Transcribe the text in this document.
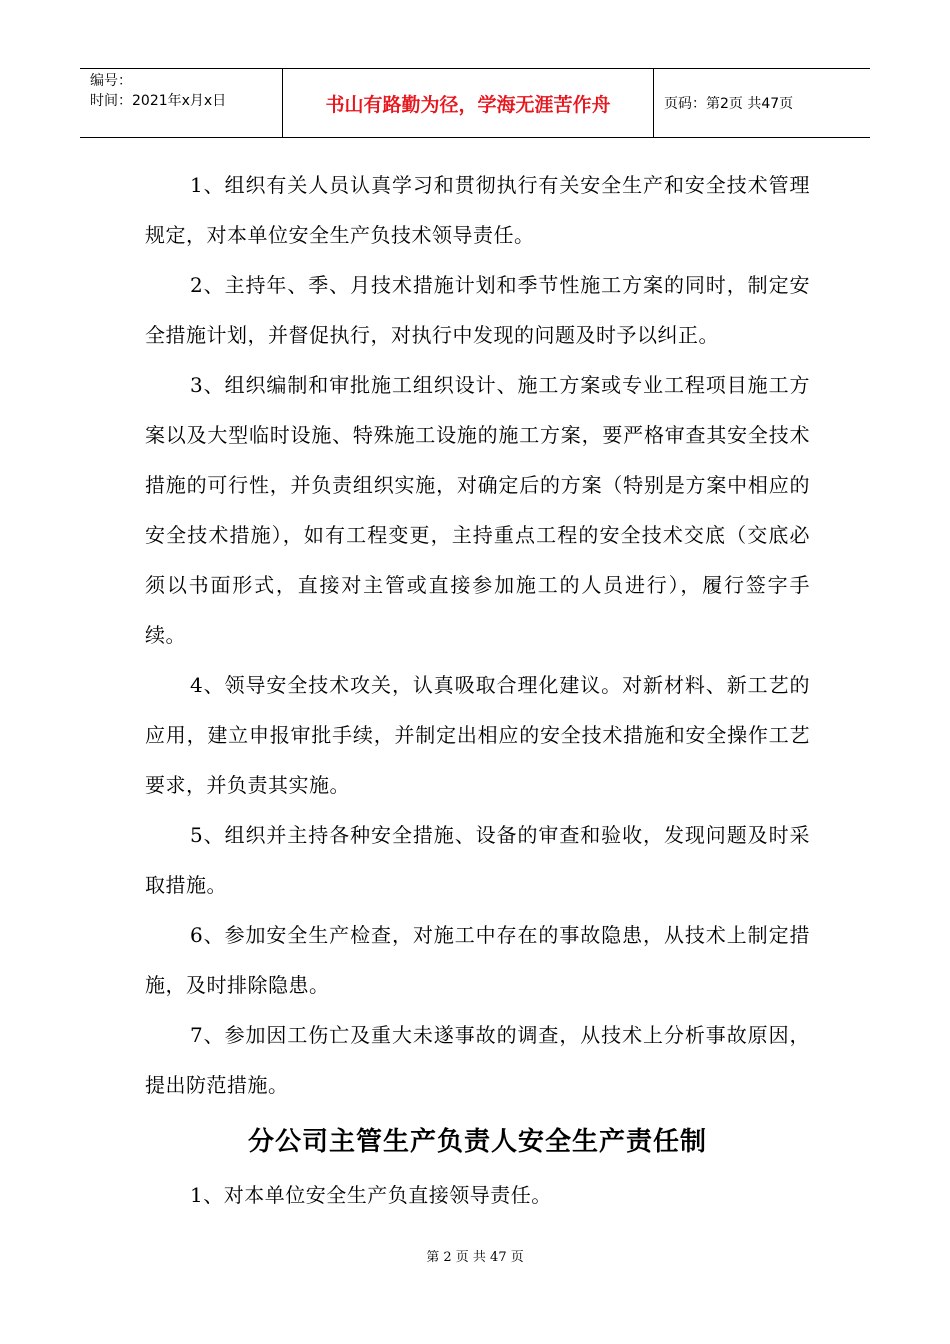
编号：
时间：2021年x月x日	书山有路勤为径，学海无涯苦作舟	页码：第2页 共47页

1、组织有关人员认真学习和贯彻执行有关安全生产和安全技术管理规定，对本单位安全生产负技术领导责任。

2、主持年、季、月技术措施计划和季节性施工方案的同时，制定安全措施计划，并督促执行，对执行中发现的问题及时予以纠正。

3、组织编制和审批施工组织设计、施工方案或专业工程项目施工方案以及大型临时设施、特殊施工设施的施工方案，要严格审查其安全技术措施的可行性，并负责组织实施，对确定后的方案（特别是方案中相应的安全技术措施），如有工程变更，主持重点工程的安全技术交底（交底必须以书面形式，直接对主管或直接参加施工的人员进行），履行签字手续。

4、领导安全技术攻关，认真吸取合理化建议。对新材料、新工艺的应用，建立申报审批手续，并制定出相应的安全技术措施和安全操作工艺要求，并负责其实施。

5、组织并主持各种安全措施、设备的审查和验收，发现问题及时采取措施。

6、参加安全生产检查，对施工中存在的事故隐患，从技术上制定措施，及时排除隐患。

7、参加因工伤亡及重大未遂事故的调查，从技术上分析事故原因，提出防范措施。

分公司主管生产负责人安全生产责任制

1、对本单位安全生产负直接领导责任。

第 2 页 共 47 页
